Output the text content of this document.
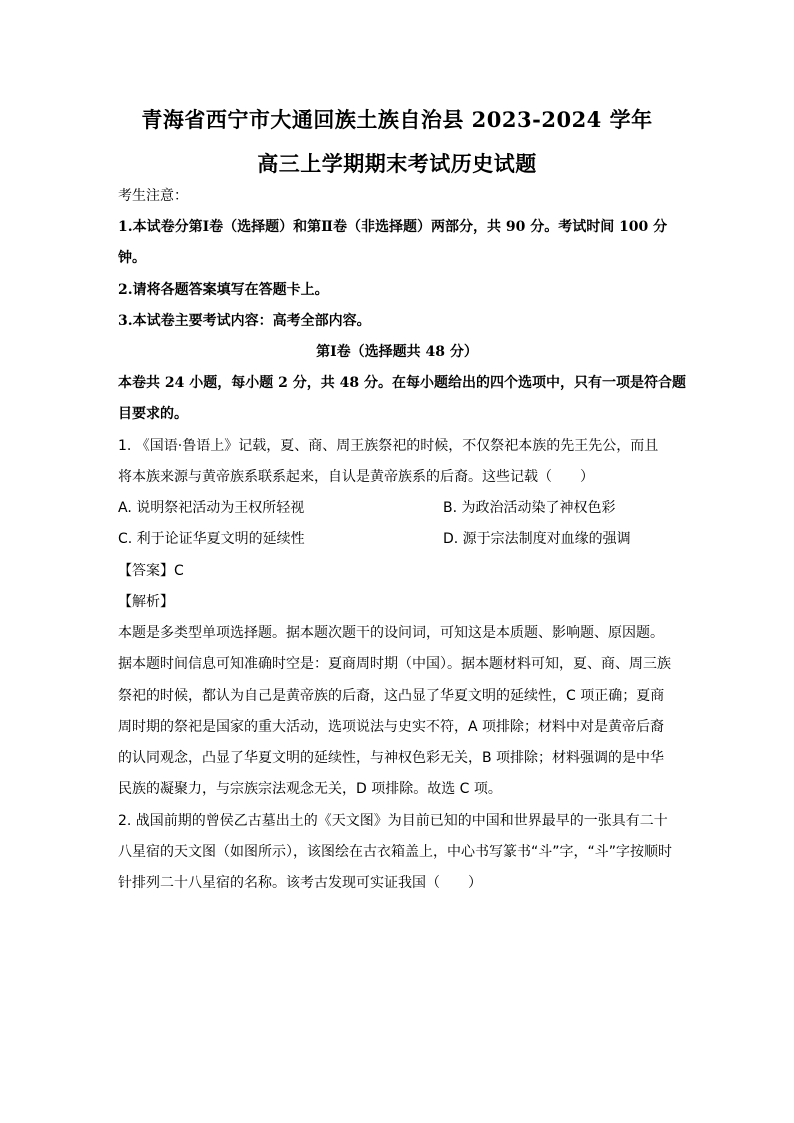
青海省西宁市大通回族土族自治县 2023-2024 学年
高三上学期期末考试历史试题
考生注意：
1.本试卷分第Ⅰ卷（选择题）和第Ⅱ卷（非选择题）两部分，共 90 分。考试时间 100 分
钟。
2.请将各题答案填写在答题卡上。
3.本试卷主要考试内容：高考全部内容。
第Ⅰ卷（选择题共 48 分）
本卷共 24 小题，每小题 2 分，共 48 分。在每小题给出的四个选项中，只有一项是符合题
目要求的。
1. 《国语·鲁语上》记载，夏、商、周王族祭祀的时候，不仅祭祀本族的先王先公，而且
将本族来源与黄帝族系联系起来，自认是黄帝族系的后裔。这些记载（　　）
A. 说明祭祀活动为王权所轻视	B. 为政治活动染了神权色彩
C. 利于论证华夏文明的延续性	D. 源于宗法制度对血缘的强调
【答案】C
【解析】
本题是多类型单项选择题。据本题次题干的设问词，可知这是本质题、影响题、原因题。
据本题时间信息可知准确时空是：夏商周时期（中国）。据本题材料可知，夏、商、周三族
祭祀的时候，都认为自己是黄帝族的后裔，这凸显了华夏文明的延续性，C 项正确；夏商
周时期的祭祀是国家的重大活动，选项说法与史实不符，A 项排除；材料中对是黄帝后裔
的认同观念，凸显了华夏文明的延续性，与神权色彩无关，B 项排除；材料强调的是中华
民族的凝聚力，与宗族宗法观念无关，D 项排除。故选 C 项。
2. 战国前期的曾侯乙古墓出土的《天文图》为目前已知的中国和世界最早的一张具有二十
八星宿的天文图（如图所示），该图绘在古衣箱盖上，中心书写篆书“斗”字，“斗”字按顺时
针排列二十八星宿的名称。该考古发现可实证我国（　　）
